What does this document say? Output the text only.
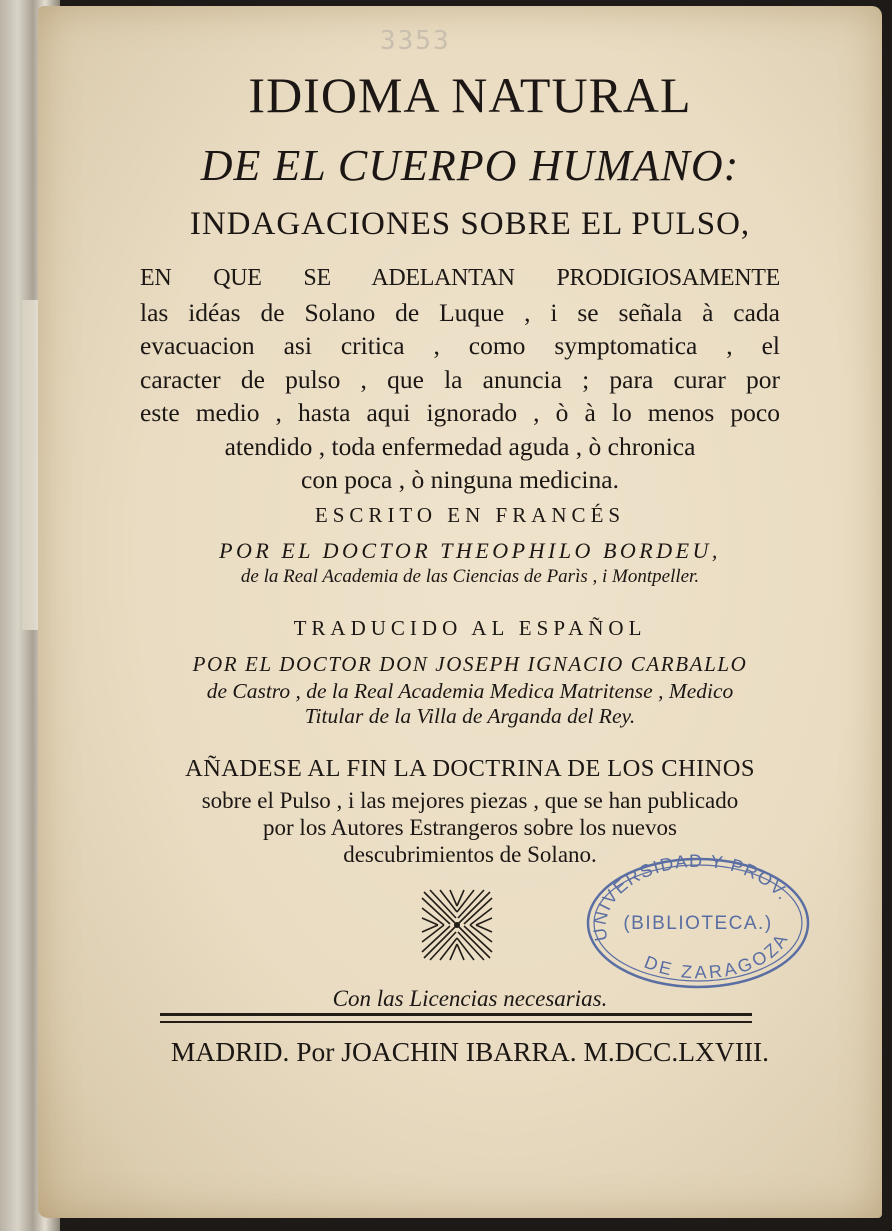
3353
IDIOMA NATURAL
DE EL CUERPO HUMANO:
INDAGACIONES SOBRE EL PULSO,
EN QUE SE ADELANTAN PRODIGIOSAMENTE
las idéas de Solano de Luque , i se señala à cada
evacuacion asi critica , como symptomatica , el
caracter de pulso , que la anuncia ; para curar por
este medio , hasta aqui ignorado , ò à lo menos poco
atendido , toda enfermedad aguda , ò chronica
con poca , ò ninguna medicina.
ESCRITO EN FRANCÉS
POR EL DOCTOR THEOPHILO BORDEU,
de la Real Academia de las Ciencias de Parìs , i Montpeller.
TRADUCIDO AL ESPAÑOL
POR EL DOCTOR DON JOSEPH IGNACIO CARBALLO
de Castro , de la Real Academia Medica Matritense , Medico
Titular de la Villa de Arganda del Rey.
AÑADESE AL FIN LA DOCTRINA DE LOS CHINOS
sobre el Pulso , i las mejores piezas , que se han publicado
por los Autores Estrangeros sobre los nuevos
descubrimientos de Solano.
UNIVERSIDAD Y PROV.
(BIBLIOTECA.)
DE ZARAGOZA
Con las Licencias necesarias.
MADRID. Por JOACHIN IBARRA. M.DCC.LXVIII.
